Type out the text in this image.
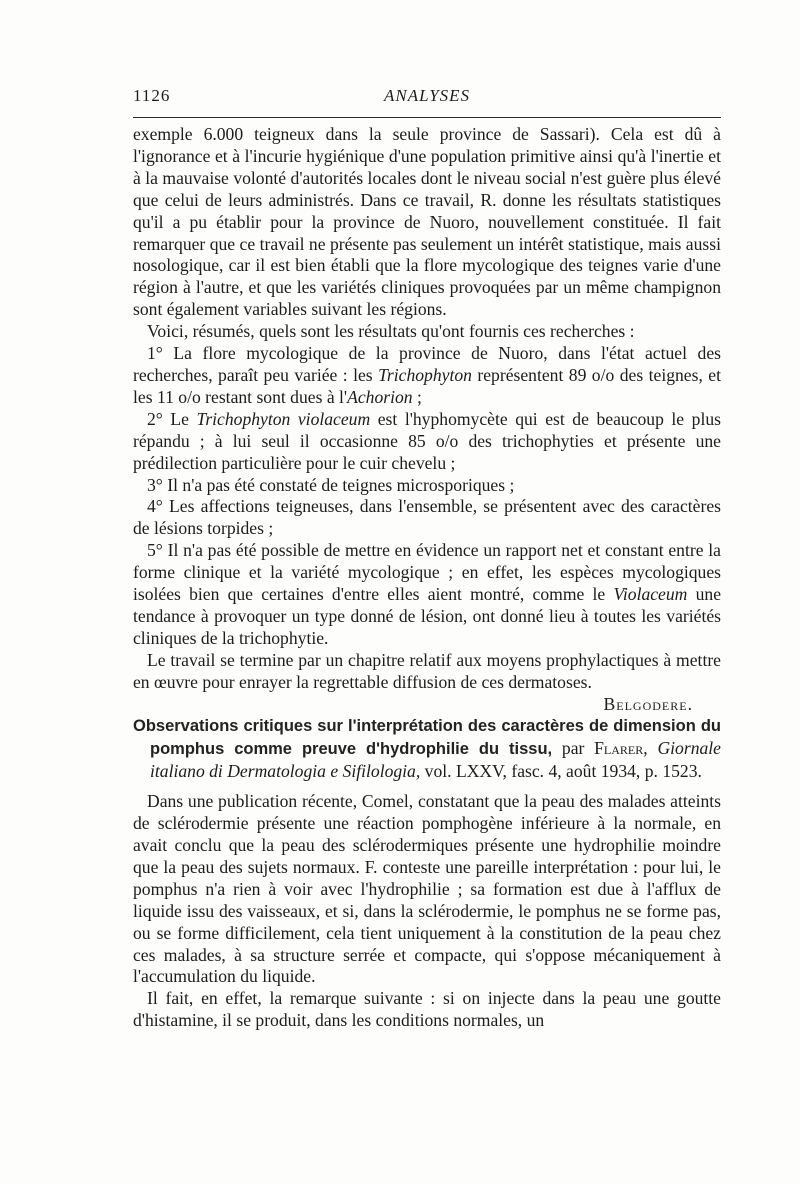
1126	ANALYSES

exemple 6.000 teigneux dans la seule province de Sassari). Cela est dû à l'ignorance et à l'incurie hygiénique d'une population primitive ainsi qu'à l'inertie et à la mauvaise volonté d'autorités locales dont le niveau social n'est guère plus élevé que celui de leurs administrés. Dans ce travail, R. donne les résultats statistiques qu'il a pu établir pour la province de Nuoro, nouvellement constituée. Il fait remarquer que ce travail ne présente pas seulement un intérêt statistique, mais aussi nosologique, car il est bien établi que la flore mycologique des teignes varie d'une région à l'autre, et que les variétés cliniques provoquées par un même champignon sont également variables suivant les régions.

Voici, résumés, quels sont les résultats qu'ont fournis ces recherches :

1° La flore mycologique de la province de Nuoro, dans l'état actuel des recherches, paraît peu variée : les Trichophyton représentent 89 o/o des teignes, et les 11 o/o restant sont dues à l'Achorion ;

2° Le Trichophyton violaceum est l'hyphomycète qui est de beaucoup le plus répandu ; à lui seul il occasionne 85 o/o des trichophyties et présente une prédilection particulière pour le cuir chevelu ;

3° Il n'a pas été constaté de teignes microsporiques ;

4° Les affections teigneuses, dans l'ensemble, se présentent avec des caractères de lésions torpides ;

5° Il n'a pas été possible de mettre en évidence un rapport net et constant entre la forme clinique et la variété mycologique ; en effet, les espèces mycologiques isolées bien que certaines d'entre elles aient montré, comme le Violaceum une tendance à provoquer un type donné de lésion, ont donné lieu à toutes les variétés cliniques de la trichophytie.

Le travail se termine par un chapitre relatif aux moyens prophylactiques à mettre en œuvre pour enrayer la regrettable diffusion de ces dermatoses.

Belgodere.

Observations critiques sur l'interprétation des caractères de dimension du pomphus comme preuve d'hydrophilie du tissu, par Flarer, Giornale italiano di Dermatologia e Sifilologia, vol. LXXV, fasc. 4, août 1934, p. 1523.

Dans une publication récente, Comel, constatant que la peau des malades atteints de sclérodermie présente une réaction pomphogène inférieure à la normale, en avait conclu que la peau des sclérodermiques présente une hydrophilie moindre que la peau des sujets normaux. F. conteste une pareille interprétation : pour lui, le pomphus n'a rien à voir avec l'hydrophilie ; sa formation est due à l'afflux de liquide issu des vaisseaux, et si, dans la sclérodermie, le pomphus ne se forme pas, ou se forme difficilement, cela tient uniquement à la constitution de la peau chez ces malades, à sa structure serrée et compacte, qui s'oppose mécaniquement à l'accumulation du liquide.

Il fait, en effet, la remarque suivante : si on injecte dans la peau une goutte d'histamine, il se produit, dans les conditions normales, un
